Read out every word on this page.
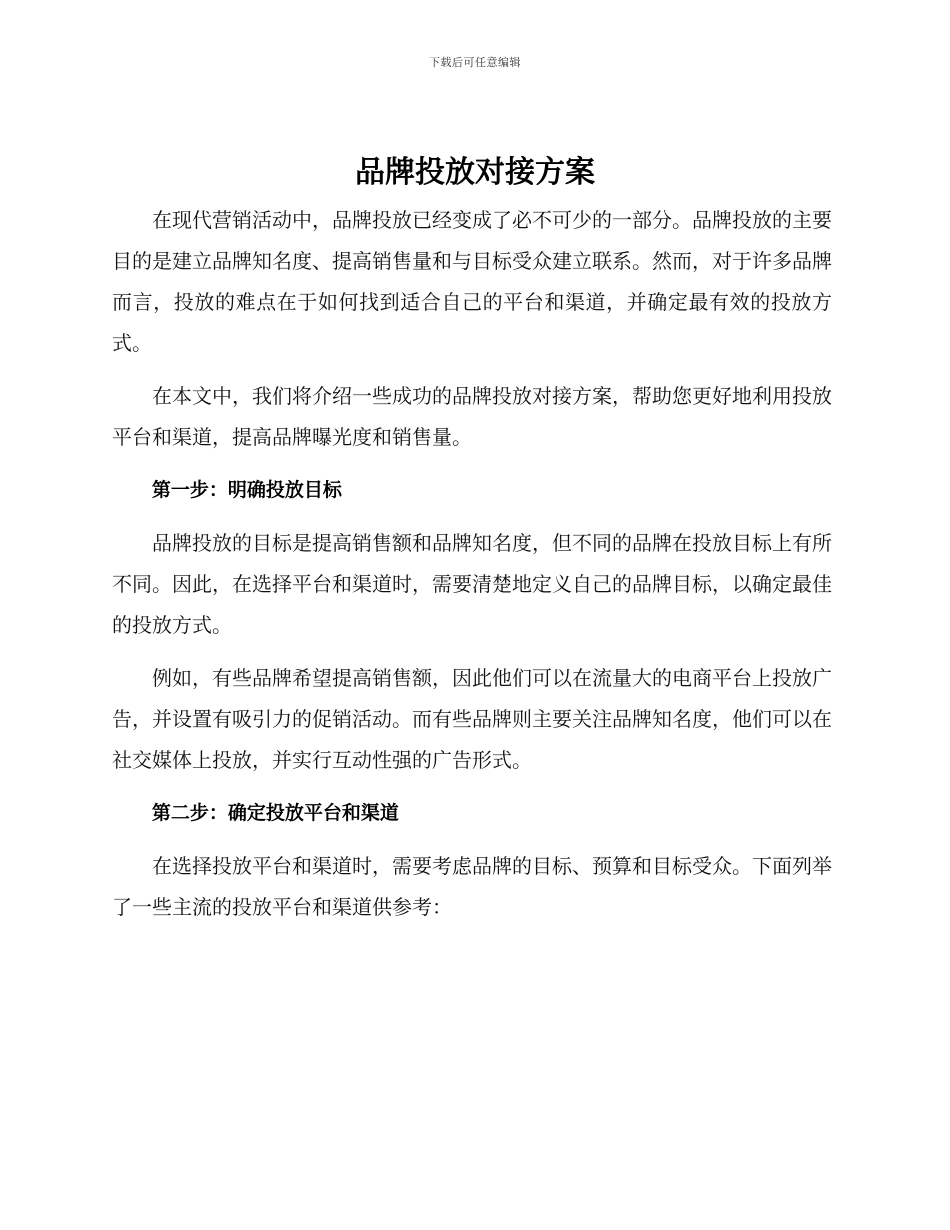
下载后可任意编辑
品牌投放对接方案

在现代营销活动中，品牌投放已经变成了必不可少的一部分。品牌投放的主要目的是建立品牌知名度、提高销售量和与目标受众建立联系。然而，对于许多品牌而言，投放的难点在于如何找到适合自己的平台和渠道，并确定最有效的投放方式。

在本文中，我们将介绍一些成功的品牌投放对接方案，帮助您更好地利用投放平台和渠道，提高品牌曝光度和销售量。

第一步：明确投放目标

品牌投放的目标是提高销售额和品牌知名度，但不同的品牌在投放目标上有所不同。因此，在选择平台和渠道时，需要清楚地定义自己的品牌目标，以确定最佳的投放方式。

例如，有些品牌希望提高销售额，因此他们可以在流量大的电商平台上投放广告，并设置有吸引力的促销活动。而有些品牌则主要关注品牌知名度，他们可以在社交媒体上投放，并实行互动性强的广告形式。

第二步：确定投放平台和渠道

在选择投放平台和渠道时，需要考虑品牌的目标、预算和目标受众。下面列举了一些主流的投放平台和渠道供参考：
